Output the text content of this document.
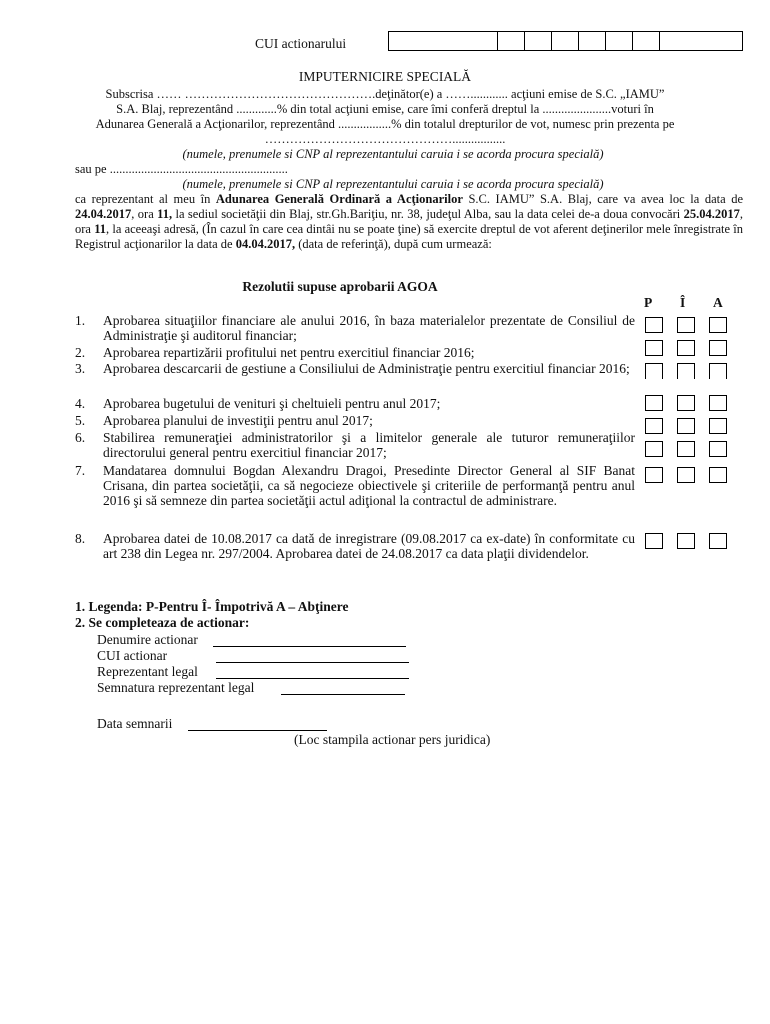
CUI actionarului
IMPUTERNICIRE SPECIALĂ
Subscrisa …… ……………………………………….deţinător(e) a ……............ acţiuni emise de S.C. „IAMU”
S.A. Blaj, reprezentând .............% din total acţiuni emise, care îmi conferă dreptul la ......................voturi în
Adunarea Generală a Acţionarilor, reprezentând .................% din totalul drepturilor de vot, numesc prin prezenta pe
……………………………………….................
(numele, prenumele si CNP al reprezentantului caruia i se acorda procura specială)
sau pe .........................................................
(numele, prenumele si CNP al reprezentantului caruia i se acorda procura specială)
ca reprezentant al meu în Adunarea Generală Ordinară a Acţionarilor S.C. IAMU” S.A. Blaj, care va avea loc la data de 24.04.2017, ora 11, la sediul societăţii din Blaj, str.Gh.Bariţiu, nr. 38, judeţul Alba, sau la data celei de-a doua convocări 25.04.2017, ora 11, la aceeaşi adresă, (În cazul în care cea dintâi nu se poate ţine) să exercite dreptul de vot aferent deţinerilor mele înregistrate în Registrul acţionarilor la data de 04.04.2017, (data de referinţă), după cum urmează:
Rezolutii supuse aprobarii AGOA
P Î A
1. Aprobarea situaţiilor financiare ale anului 2016, în baza materialelor prezentate de Consiliul de Administraţie şi auditorul financiar;
2. Aprobarea repartizării profitului net pentru exercitiul financiar 2016;
3. Aprobarea descarcarii de gestiune a Consiliului de Administraţie pentru exercitiul financiar 2016;
4. Aprobarea bugetului de venituri şi cheltuieli pentru anul 2017;
5. Aprobarea planului de investiţii pentru anul 2017;
6. Stabilirea remuneraţiei administratorilor şi a limitelor generale ale tuturor remuneraţiilor directorului general pentru exercitiul financiar 2017;
7. Mandatarea domnului Bogdan Alexandru Dragoi, Presedinte Director General al SIF Banat Crisana, din partea societăţii, ca să negocieze obiectivele şi criteriile de performanţă pentru anul 2016 şi să semneze din partea societăţii actul adiţional la contractul de administrare.
8. Aprobarea datei de 10.08.2017 ca dată de inregistrare (09.08.2017 ca ex-date) în conformitate cu art 238 din Legea nr. 297/2004. Aprobarea datei de 24.08.2017 ca data plaţii dividendelor.
1. Legenda: P-Pentru Î- Împotrivă A – Abţinere
2. Se completeaza de actionar:
Denumire actionar
CUI actionar
Reprezentant legal
Semnatura reprezentant legal
Data semnarii
(Loc stampila actionar pers juridica)
